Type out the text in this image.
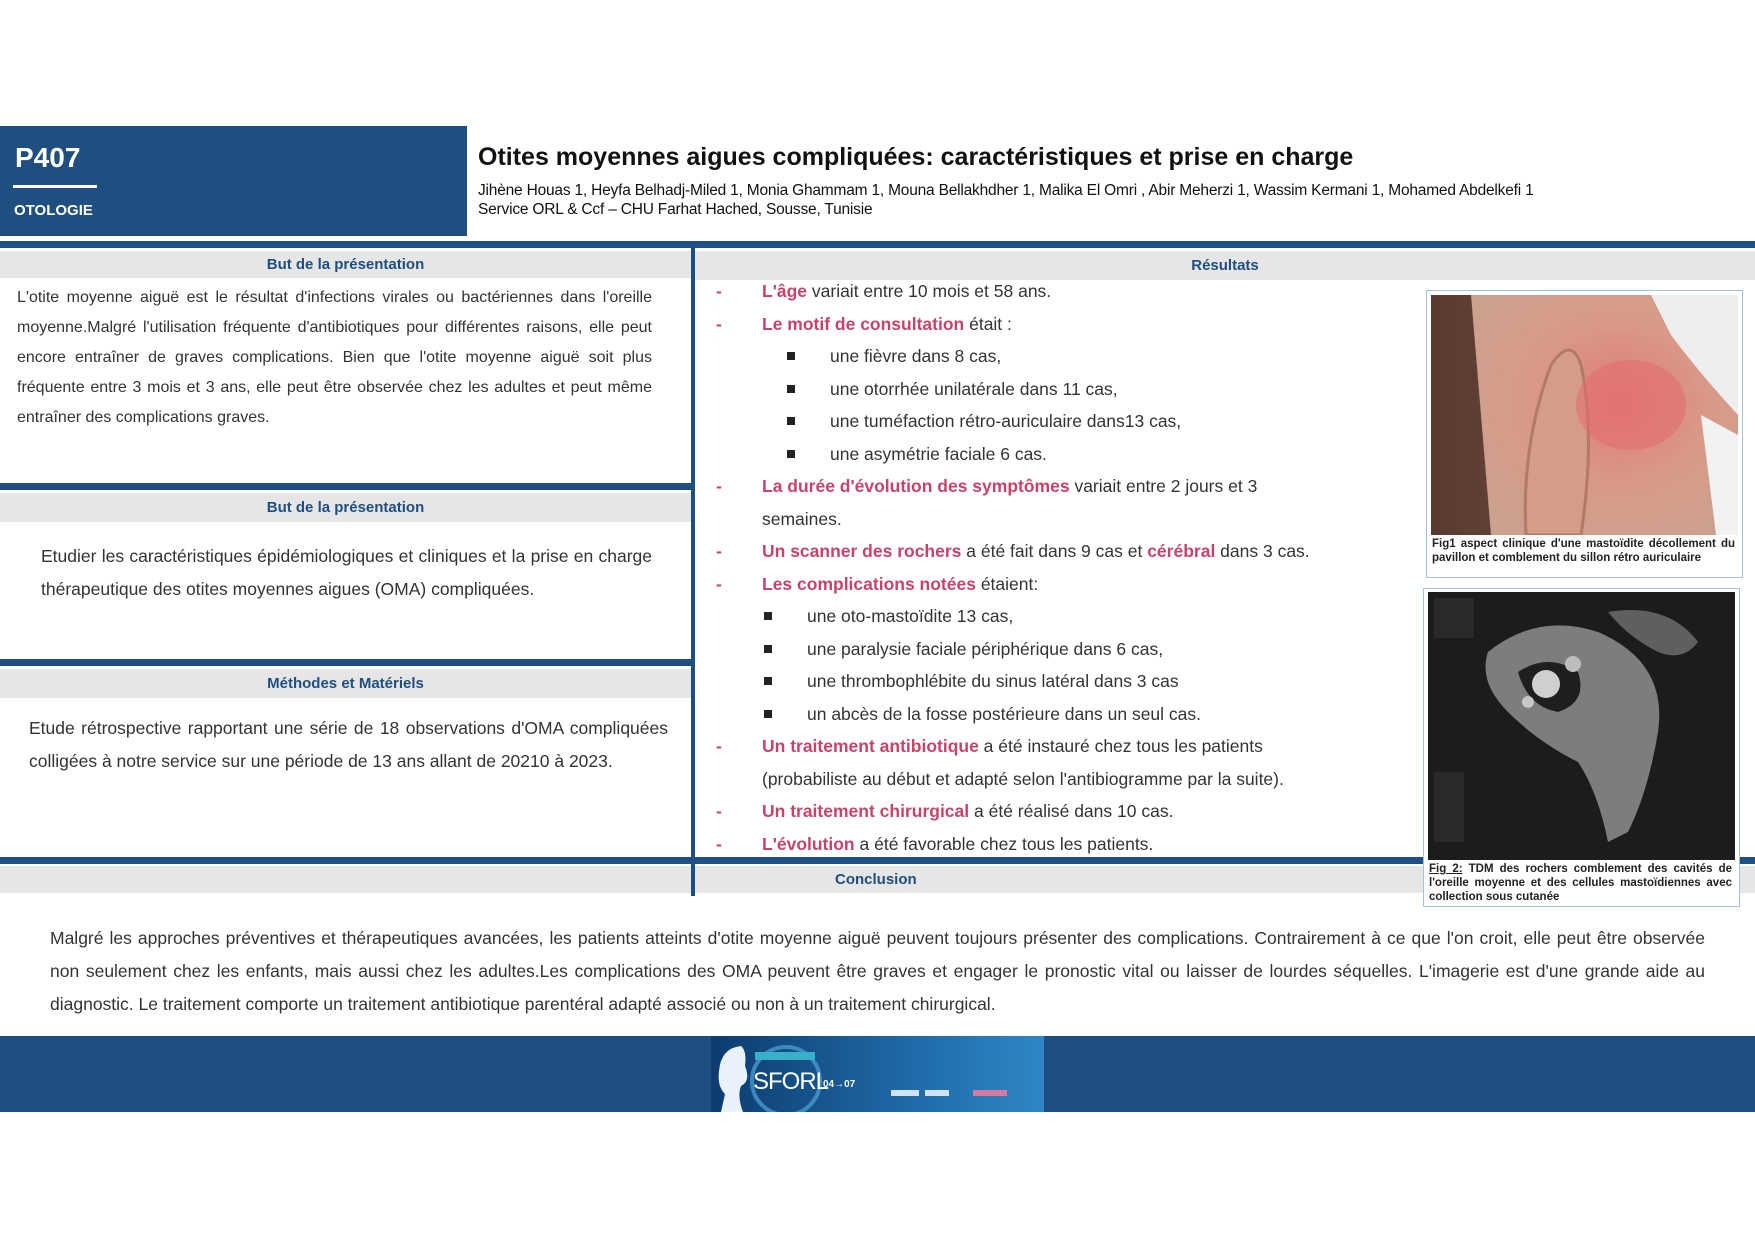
P407
OTOLOGIE
Otites moyennes aigues compliquées: caractéristiques et prise en charge
Jihène Houas 1, Heyfa Belhadj-Miled 1, Monia Ghammam 1, Mouna Bellakhdher 1, Malika El Omri , Abir Meherzi 1, Wassim Kermani 1, Mohamed Abdelkefi 1
Service ORL & Ccf – CHU Farhat Hached, Sousse, Tunisie
But de la présentation
But de la présentation
Méthodes et Matériels
Résultats
Conclusion
L'otite moyenne aiguë est le résultat d'infections virales ou bactériennes dans l'oreille moyenne.Malgré l'utilisation fréquente d'antibiotiques pour différentes raisons, elle peut encore entraîner de graves complications. Bien que l'otite moyenne aiguë soit plus fréquente entre 3 mois et 3 ans, elle peut être observée chez les adultes et peut même entraîner des complications graves.
Etudier les caractéristiques épidémiologiques et cliniques et la prise en charge thérapeutique des otites moyennes aigues (OMA) compliquées.
Etude rétrospective rapportant une série de 18 observations d'OMA compliquées colligées à notre service sur une période de 13 ans allant de 20210 à 2023.
- L'âge variait entre 10 mois et 58 ans.
- Le motif de consultation était :
une fièvre dans 8 cas,
une otorrhée unilatérale dans 11 cas,
une tuméfaction rétro-auriculaire dans13 cas,
une asymétrie faciale 6 cas.
- La durée d'évolution des symptômes variait entre 2 jours et 3
semaines.
- Un scanner des rochers a été fait dans 9 cas et cérébral dans 3 cas.
- Les complications notées étaient:
une oto-mastoïdite 13 cas,
une paralysie faciale périphérique dans 6 cas,
une thrombophlébite du sinus latéral dans 3 cas
un abcès de la fosse postérieure dans un seul cas.
- Un traitement antibiotique a été instauré chez tous les patients
(probabiliste au début et adapté selon l'antibiogramme par la suite).
- Un traitement chirurgical a été réalisé dans 10 cas.
- L'évolution a été favorable chez tous les patients.
Fig1 aspect clinique d'une mastoïdite décollement du pavillon et comblement du sillon rétro auriculaire
Fig 2: TDM des rochers comblement des cavités de l'oreille moyenne et des cellules mastoïdiennes avec collection sous cutanée
Malgré les approches préventives et thérapeutiques avancées, les patients atteints d'otite moyenne aiguë peuvent toujours présenter des complications. Contrairement à ce que l'on croit, elle peut être observée non seulement chez les enfants, mais aussi chez les adultes.Les complications des OMA peuvent être graves et engager le pronostic vital ou laisser de lourdes séquelles. L'imagerie est d'une grande aide au diagnostic. Le traitement comporte un traitement antibiotique parentéral adapté associé ou non à un traitement chirurgical.
SFORL
04→07
